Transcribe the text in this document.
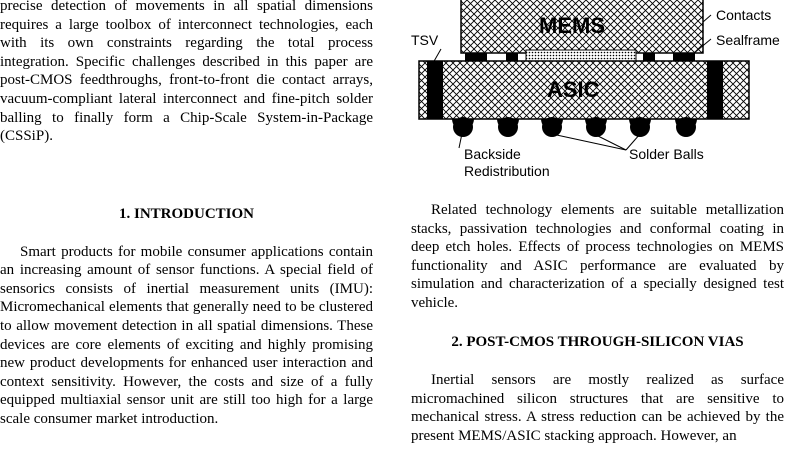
precise detection of movements in all spatial dimensions requires a large toolbox of interconnect technologies, each with its own constraints regarding the total process integration. Specific challenges described in this paper are post-CMOS feedthroughs, front-to-front die contact arrays, vacuum-compliant lateral interconnect and fine-pitch solder balling to finally form a Chip-Scale System-in-Package (CSSiP).

1. INTRODUCTION

Smart products for mobile consumer applications contain an increasing amount of sensor functions. A special field of sensorics consists of inertial measurement units (IMU): Micromechanical elements that generally need to be clustered to allow movement detection in all spatial dimensions. These devices are core elements of exciting and highly promising new product developments for enhanced user interaction and context sensitivity. However, the costs and size of a fully equipped multiaxial sensor unit are still too high for a large scale consumer market introduction.

MEMS
ASIC
TSV
Contacts
Sealframe
Backside
Redistribution
Solder Balls

Related technology elements are suitable metallization stacks, passivation technologies and conformal coating in deep etch holes. Effects of process technologies on MEMS functionality and ASIC performance are evaluated by simulation and characterization of a specially designed test vehicle.

2. POST-CMOS THROUGH-SILICON VIAS

Inertial sensors are mostly realized as surface micromachined silicon structures that are sensitive to mechanical stress. A stress reduction can be achieved by the present MEMS/ASIC stacking approach. However, an
